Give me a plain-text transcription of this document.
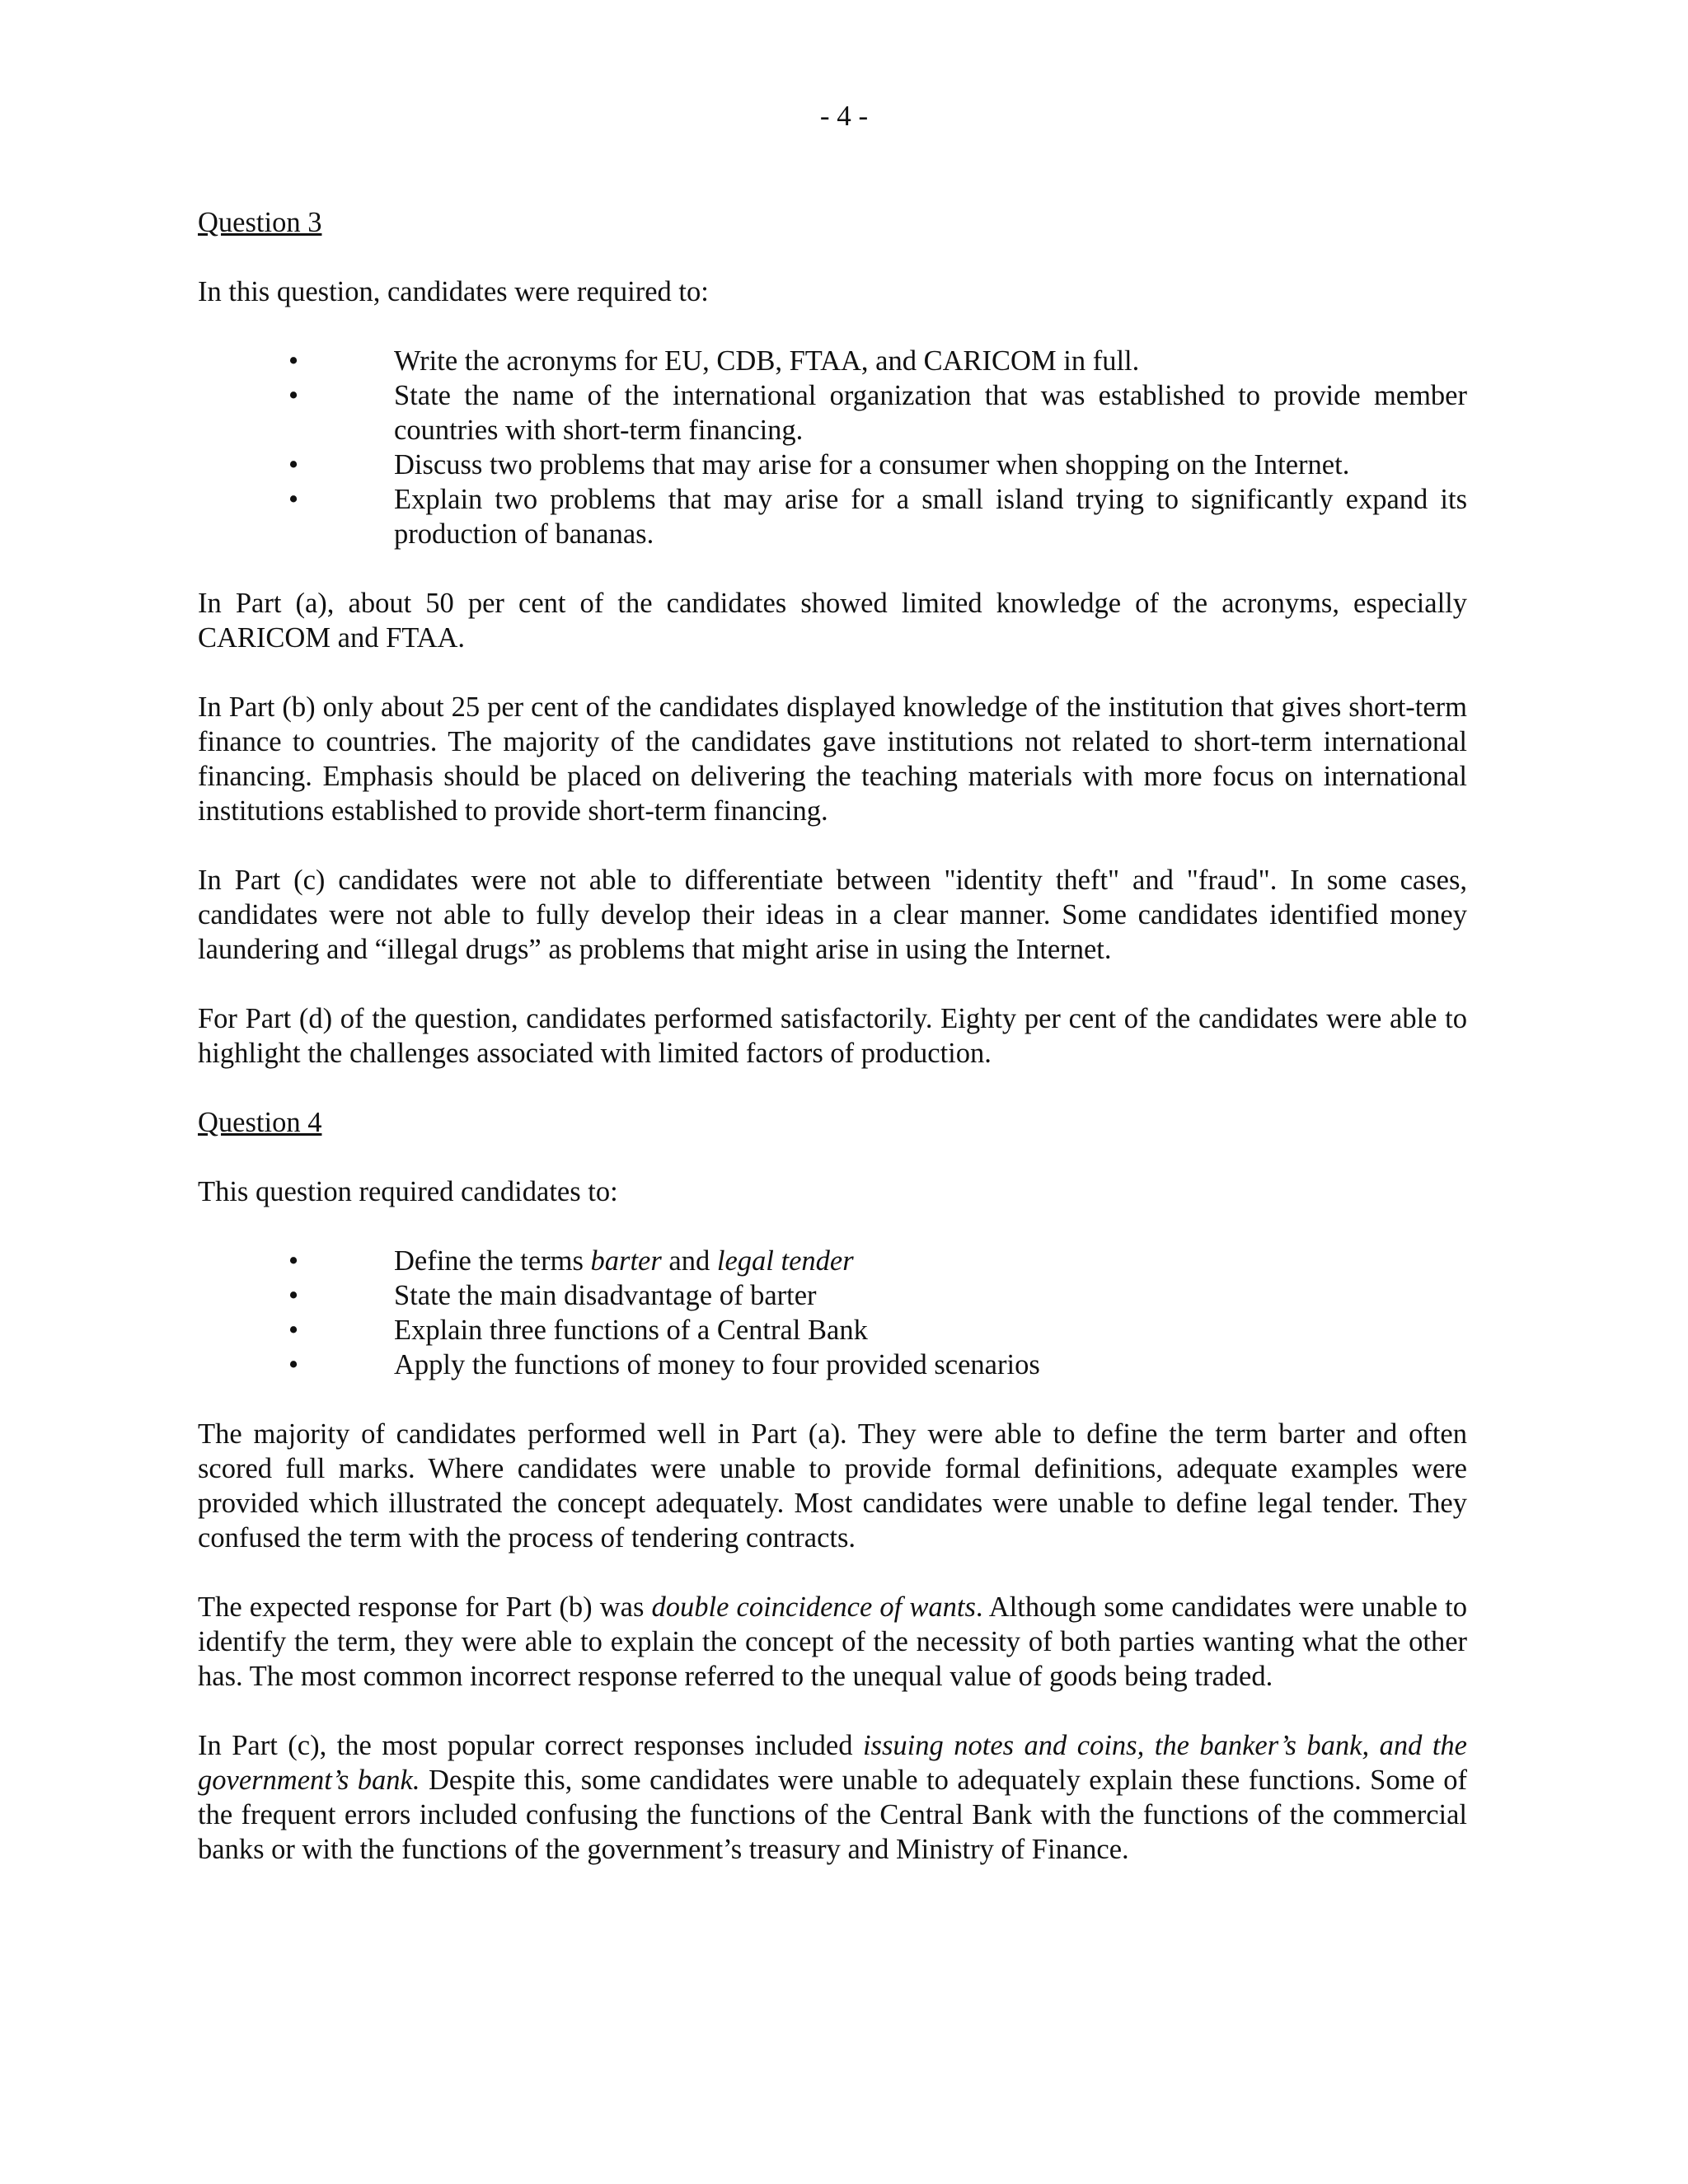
- 4 -

Question 3

In this question, candidates were required to:

•	Write the acronyms for EU, CDB, FTAA, and CARICOM in full.
•	State the name of the international organization that was established to provide member countries with short-term financing.
•	Discuss two problems that may arise for a consumer when shopping on the Internet.
•	Explain two problems that may arise for a small island trying to significantly expand its production of bananas.

In Part (a), about 50 per cent of the candidates showed limited knowledge of the acronyms, especially CARICOM and FTAA.

In Part (b) only about 25 per cent of the candidates displayed knowledge of the institution that gives short-term finance to countries. The majority of the candidates gave institutions not related to short-term international financing. Emphasis should be placed on delivering the teaching materials with more focus on international institutions established to provide short-term financing.

In Part (c) candidates were not able to differentiate between "identity theft" and "fraud". In some cases, candidates were not able to fully develop their ideas in a clear manner. Some candidates identified money laundering and “illegal drugs” as problems that might arise in using the Internet.

For Part (d) of the question, candidates performed satisfactorily. Eighty per cent of the candidates were able to highlight the challenges associated with limited factors of production.

Question 4

This question required candidates to:

•	Define the terms barter and legal tender
•	State the main disadvantage of barter
•	Explain three functions of a Central Bank
•	Apply the functions of money to four provided scenarios

The majority of candidates performed well in Part (a). They were able to define the term barter and often scored full marks. Where candidates were unable to provide formal definitions, adequate examples were provided which illustrated the concept adequately. Most candidates were unable to define legal tender. They confused the term with the process of tendering contracts.

The expected response for Part (b) was double coincidence of wants. Although some candidates were unable to identify the term, they were able to explain the concept of the necessity of both parties wanting what the other has. The most common incorrect response referred to the unequal value of goods being traded.

In Part (c), the most popular correct responses included issuing notes and coins, the banker’s bank, and the government’s bank. Despite this, some candidates were unable to adequately explain these functions. Some of the frequent errors included confusing the functions of the Central Bank with the functions of the commercial banks or with the functions of the government’s treasury and Ministry of Finance.
